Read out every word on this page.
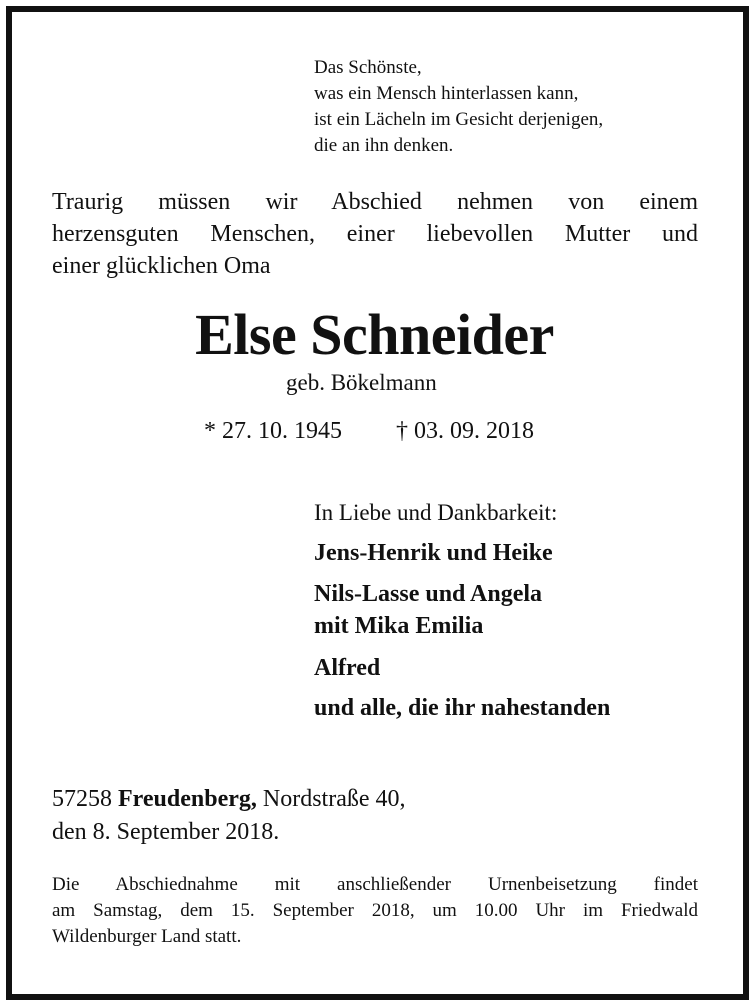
Das Schönste,
was ein Mensch hinterlassen kann,
ist ein Lächeln im Gesicht derjenigen,
die an ihn denken.
Traurig müssen wir Abschied nehmen von einem
herzensguten Menschen, einer liebevollen Mutter und
einer glücklichen Oma
Else Schneider
geb. Bökelmann
* 27. 10. 1945 † 03. 09. 2018
In Liebe und Dankbarkeit:
Jens-Henrik und Heike
Nils-Lasse und Angela
mit Mika Emilia
Alfred
und alle, die ihr nahestanden
57258 Freudenberg, Nordstraße 40,
den 8. September 2018.
Die Abschiednahme mit anschließender Urnenbeisetzung findet
am Samstag, dem 15. September 2018, um 10.00 Uhr im Friedwald
Wildenburger Land statt.
